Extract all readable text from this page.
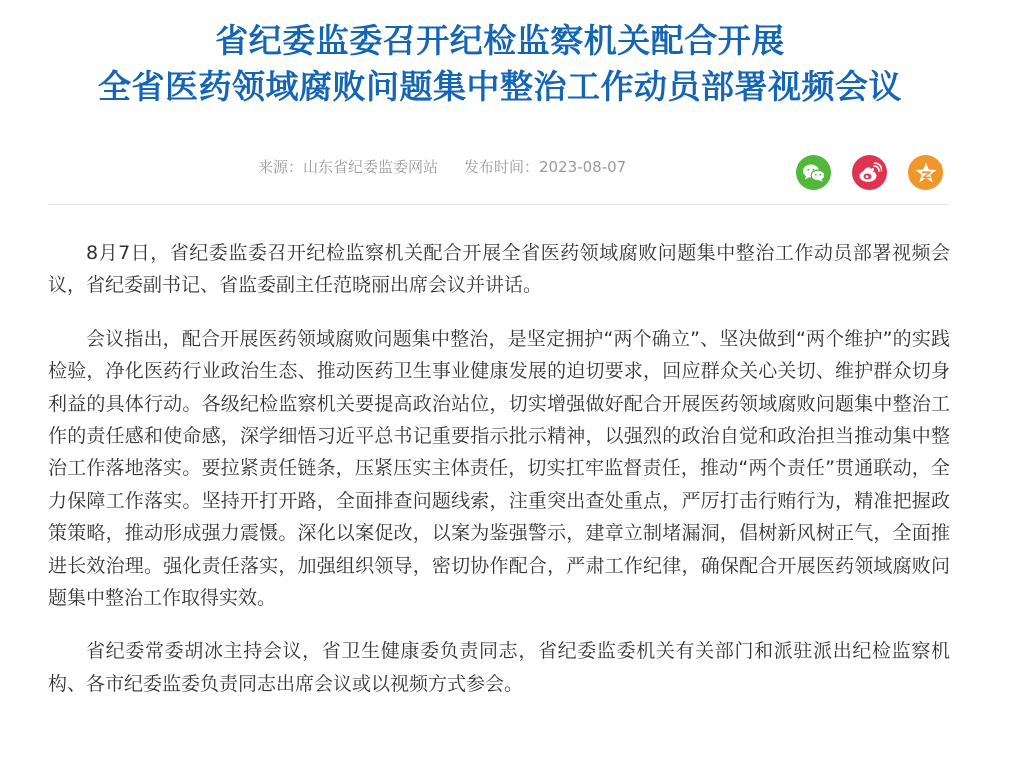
省纪委监委召开纪检监察机关配合开展
全省医药领域腐败问题集中整治工作动员部署视频会议
来源：山东省纪委监委网站 发布时间：2023-08-07

8月7日，省纪委监委召开纪检监察机关配合开展全省医药领域腐败问题集中整治工作动员部署视频会议，省纪委副书记、省监委副主任范晓丽出席会议并讲话。

会议指出，配合开展医药领域腐败问题集中整治，是坚定拥护“两个确立”、坚决做到“两个维护”的实践检验，净化医药行业政治生态、推动医药卫生事业健康发展的迫切要求，回应群众关心关切、维护群众切身利益的具体行动。各级纪检监察机关要提高政治站位，切实增强做好配合开展医药领域腐败问题集中整治工作的责任感和使命感，深学细悟习近平总书记重要指示批示精神，以强烈的政治自觉和政治担当推动集中整治工作落地落实。要拉紧责任链条，压紧压实主体责任，切实扛牢监督责任，推动“两个责任”贯通联动，全力保障工作落实。坚持开打开路，全面排查问题线索，注重突出查处重点，严厉打击行贿行为，精准把握政策策略，推动形成强力震慑。深化以案促改，以案为鉴强警示，建章立制堵漏洞，倡树新风树正气，全面推进长效治理。强化责任落实，加强组织领导，密切协作配合，严肃工作纪律，确保配合开展医药领域腐败问题集中整治工作取得实效。

省纪委常委胡冰主持会议，省卫生健康委负责同志，省纪委监委机关有关部门和派驻派出纪检监察机构、各市纪委监委负责同志出席会议或以视频方式参会。
